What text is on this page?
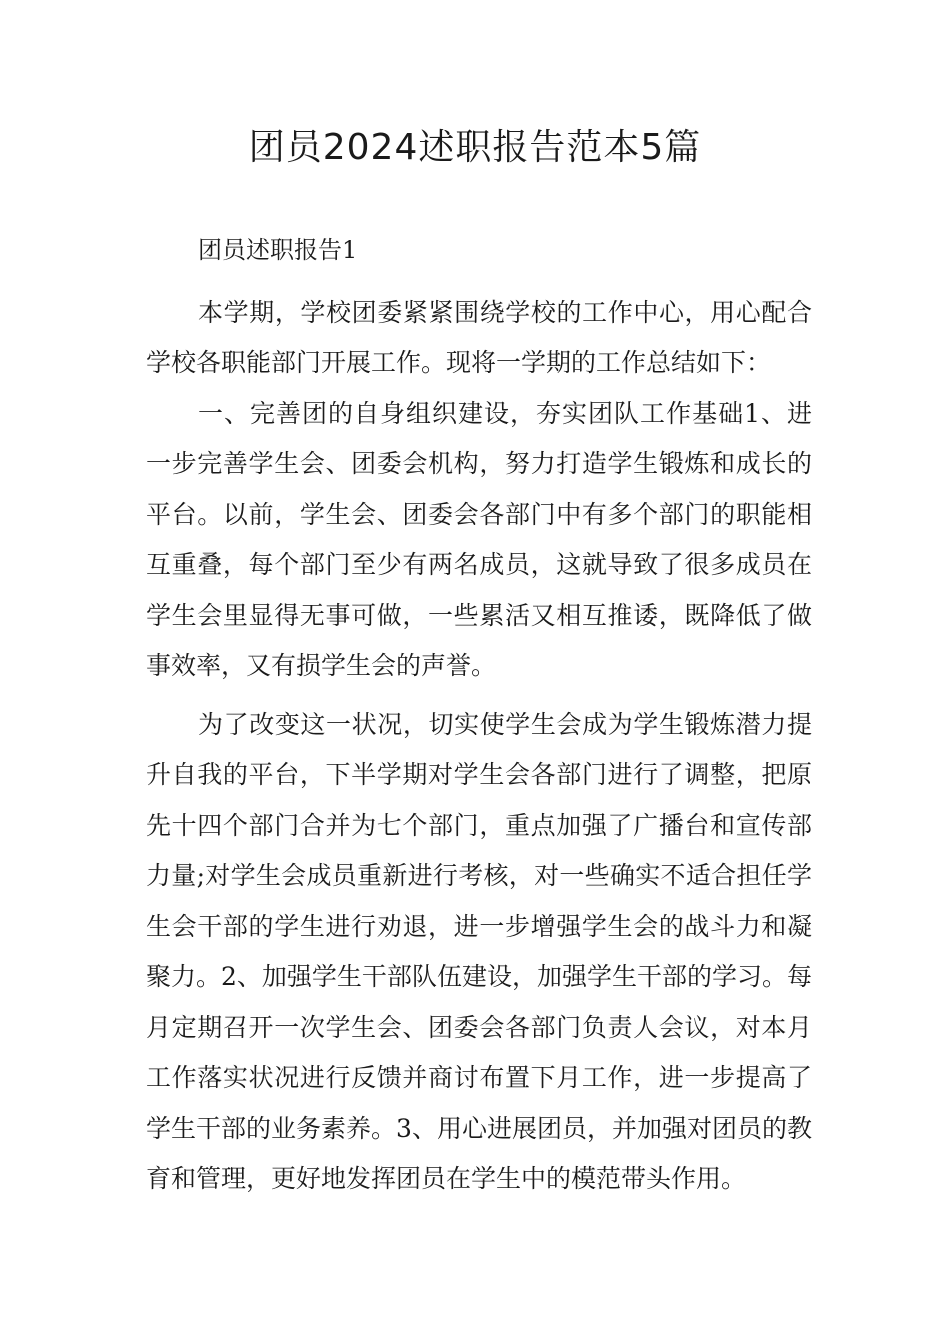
团员2024述职报告范本5篇

团员述职报告1

本学期，学校团委紧紧围绕学校的工作中心，用心配合学校各职能部门开展工作。现将一学期的工作总结如下：

一、完善团的自身组织建设，夯实团队工作基础1、进一步完善学生会、团委会机构，努力打造学生锻炼和成长的平台。以前，学生会、团委会各部门中有多个部门的职能相互重叠，每个部门至少有两名成员，这就导致了很多成员在学生会里显得无事可做，一些累活又相互推诿，既降低了做事效率，又有损学生会的声誉。

为了改变这一状况，切实使学生会成为学生锻炼潜力提升自我的平台，下半学期对学生会各部门进行了调整，把原先十四个部门合并为七个部门，重点加强了广播台和宣传部力量;对学生会成员重新进行考核，对一些确实不适合担任学生会干部的学生进行劝退，进一步增强学生会的战斗力和凝聚力。2、加强学生干部队伍建设，加强学生干部的学习。每月定期召开一次学生会、团委会各部门负责人会议，对本月工作落实状况进行反馈并商讨布置下月工作，进一步提高了学生干部的业务素养。3、用心进展团员，并加强对团员的教育和管理，更好地发挥团员在学生中的模范带头作用。
